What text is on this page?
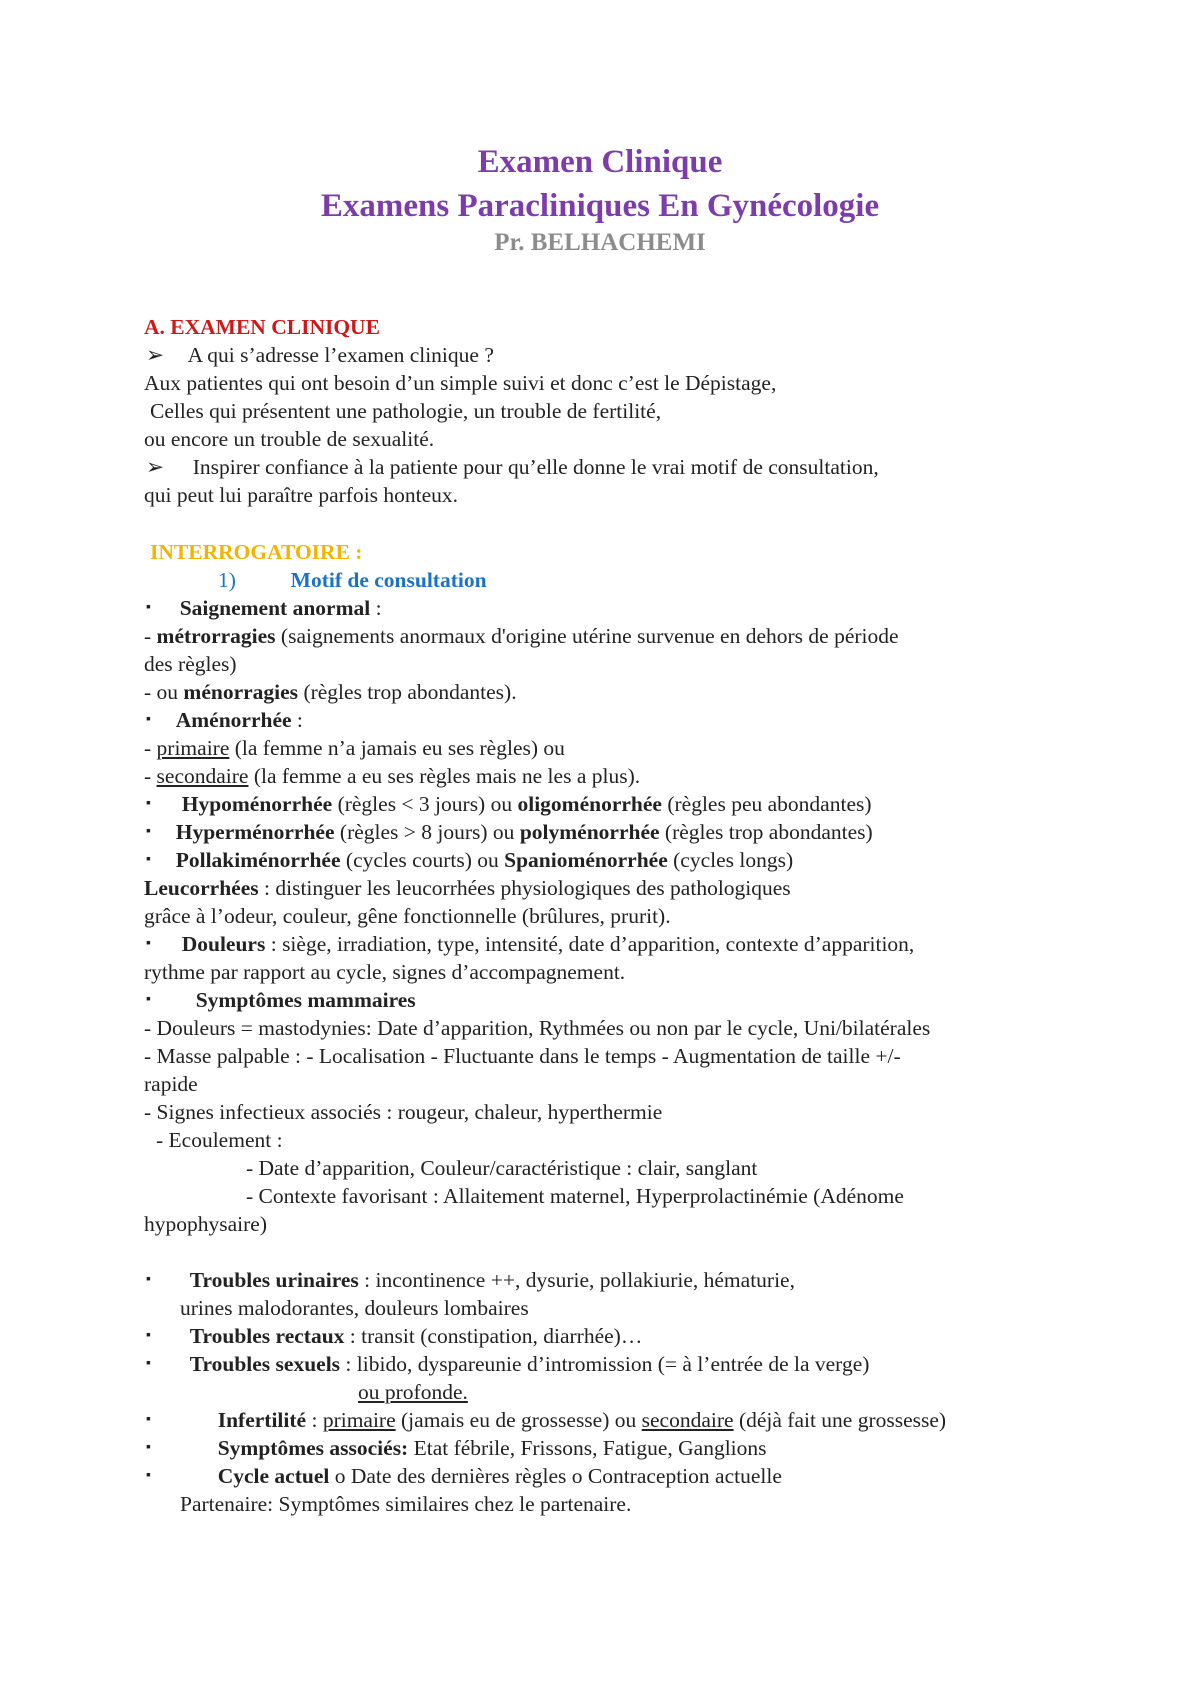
Examen Clinique
Examens Paracliniques En Gynécologie
Pr. BELHACHEMI
A. EXAMEN CLINIQUE
➢ A qui s’adresse l’examen clinique ?
Aux patientes qui ont besoin d’un simple suivi et donc c’est le Dépistage,
Celles qui présentent une pathologie, un trouble de fertilité,
ou encore un trouble de sexualité.
➢ Inspirer confiance à la patiente pour qu’elle donne le vrai motif de consultation,
qui peut lui paraître parfois honteux.
INTERROGATOIRE :
1)	Motif de consultation
▪ Saignement anormal :
- métrorragies (saignements anormaux d'origine utérine survenue en dehors de période
des règles)
- ou ménorragies (règles trop abondantes).
▪ Aménorrhée :
- primaire (la femme n’a jamais eu ses règles) ou
- secondaire (la femme a eu ses règles mais ne les a plus).
▪ Hypoménorrhée (règles < 3 jours) ou oligoménorrhée (règles peu abondantes)
▪ Hyperménorrhée (règles > 8 jours) ou polyménorrhée (règles trop abondantes)
▪ Pollakiménorrhée (cycles courts) ou Spanioménorrhée (cycles longs)
Leucorrhées : distinguer les leucorrhées physiologiques des pathologiques
grâce à l’odeur, couleur, gêne fonctionnelle (brûlures, prurit).
▪ Douleurs : siège, irradiation, type, intensité, date d’apparition, contexte d’apparition,
rythme par rapport au cycle, signes d’accompagnement.
▪ Symptômes mammaires
- Douleurs = mastodynies: Date d’apparition, Rythmées ou non par le cycle, Uni/bilatérales
- Masse palpable : - Localisation - Fluctuante dans le temps - Augmentation de taille +/-
rapide
- Signes infectieux associés : rougeur, chaleur, hyperthermie
- Ecoulement :
- Date d’apparition, Couleur/caractéristique : clair, sanglant
- Contexte favorisant : Allaitement maternel, Hyperprolactinémie (Adénome
hypophysaire)
▪ Troubles urinaires : incontinence ++, dysurie, pollakiurie, hématurie,
urines malodorantes, douleurs lombaires
▪ Troubles rectaux : transit (constipation, diarrhée)…
▪ Troubles sexuels : libido, dyspareunie d’intromission (= à l’entrée de la verge)
ou profonde.
▪	Infertilité : primaire (jamais eu de grossesse) ou secondaire (déjà fait une grossesse)
▪	Symptômes associés: Etat fébrile, Frissons, Fatigue, Ganglions
▪	Cycle actuel o Date des dernières règles o Contraception actuelle
Partenaire: Symptômes similaires chez le partenaire.
